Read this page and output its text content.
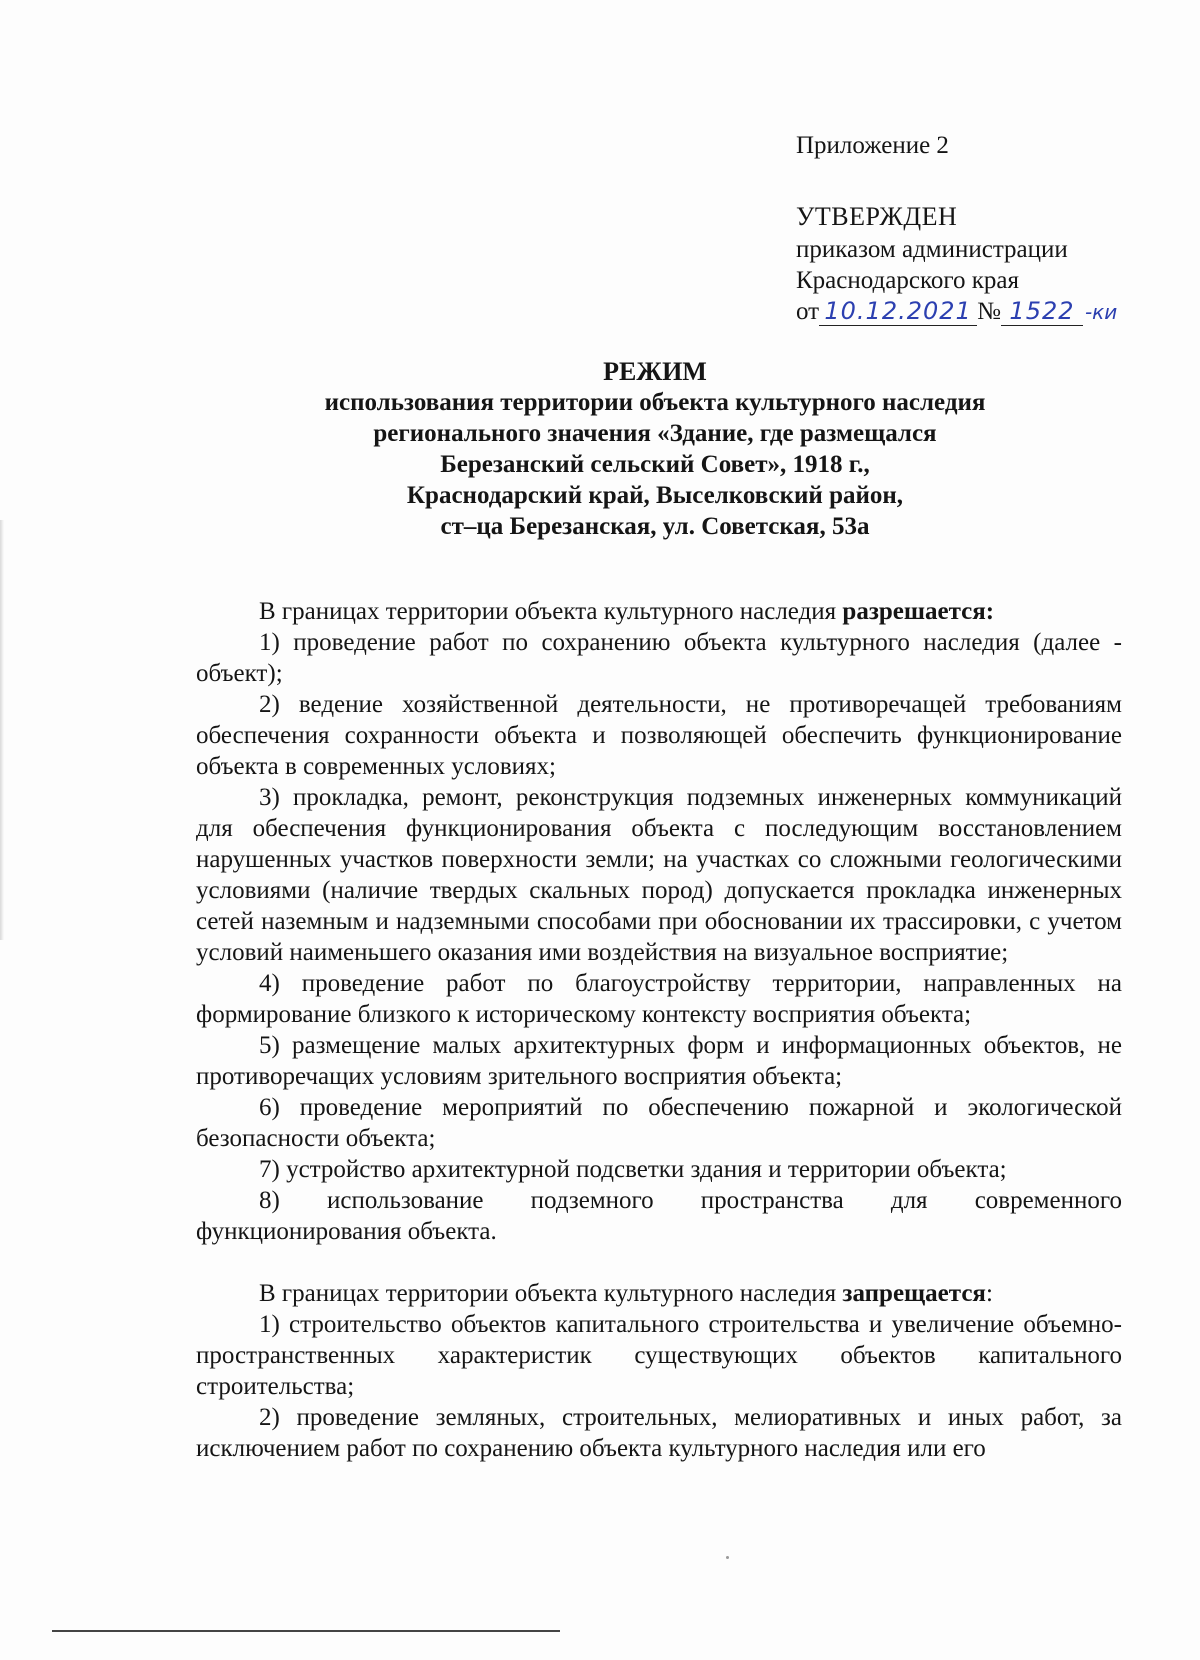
Приложение 2
УТВЕРЖДЕН
приказом администрации
Краснодарского края
от 10.12.2021 № 1522 -ки
РЕЖИМ
использования территории объекта культурного наследия
регионального значения «Здание, где размещался
Березанский сельский Совет», 1918 г.,
Краснодарский край, Выселковский район,
ст–ца Березанская, ул. Советская, 53а

В границах территории объекта культурного наследия разрешается:

1) проведение работ по сохранению объекта культурного наследия (далее - объект);

2) ведение хозяйственной деятельности, не противоречащей требованиям обеспечения сохранности объекта и позволяющей обеспечить функционирование объекта в современных условиях;

3) прокладка, ремонт, реконструкция подземных инженерных коммуникаций для обеспечения функционирования объекта с последующим восстановлением нарушенных участков поверхности земли; на участках со сложными геологическими условиями (наличие твердых скальных пород) допускается прокладка инженерных сетей наземным и надземными способами при обосновании их трассировки, с учетом условий наименьшего оказания ими воздействия на визуальное восприятие;

4) проведение работ по благоустройству территории, направленных на формирование близкого к историческому контексту восприятия объекта;

5) размещение малых архитектурных форм и информационных объектов, не противоречащих условиям зрительного восприятия объекта;

6) проведение мероприятий по обеспечению пожарной и экологической безопасности объекта;

7) устройство архитектурной подсветки здания и территории объекта;

8) использование подземного пространства для современного функционирования объекта.

В границах территории объекта культурного наследия запрещается:

1) строительство объектов капитального строительства и увеличение объемно-пространственных характеристик существующих объектов капитального строительства;

2) проведение земляных, строительных, мелиоративных и иных работ, за исключением работ по сохранению объекта культурного наследия или его
